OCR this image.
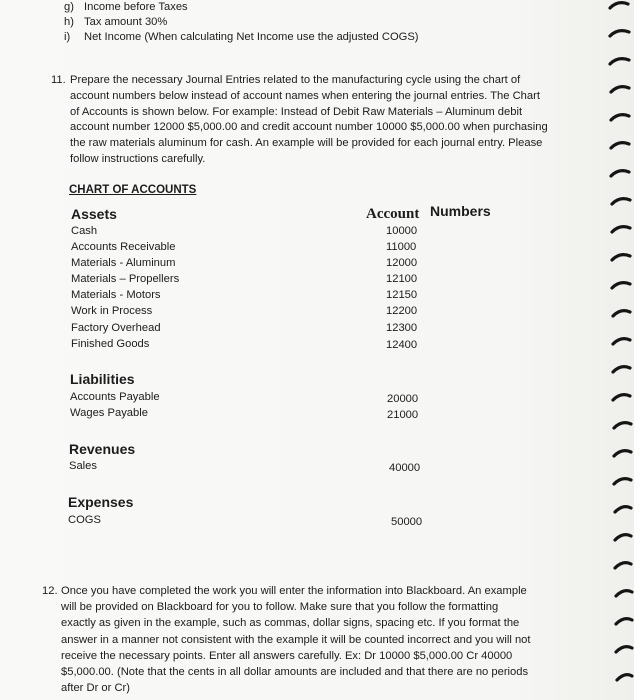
g) Income before Taxes
h) Tax amount 30%
i) Net Income (When calculating Net Income use the adjusted COGS)
11. Prepare the necessary Journal Entries related to the manufacturing cycle using the chart of
account numbers below instead of account names when entering the journal entries. The Chart
of Accounts is shown below. For example: Instead of Debit Raw Materials – Aluminum debit
account number 12000 $5,000.00 and credit account number 10000 $5,000.00 when purchasing
the raw materials aluminum for cash. An example will be provided for each journal entry. Please
follow instructions carefully.
CHART OF ACCOUNTS
Account Numbers
Assets
Cash	10000
Accounts Receivable	11000
Materials - Aluminum	12000
Materials – Propellers	12100
Materials - Motors	12150
Work in Process	12200
Factory Overhead	12300
Finished Goods	12400
Liabilities
Accounts Payable	20000
Wages Payable	21000
Revenues
Sales	40000
Expenses
COGS	50000
12. Once you have completed the work you will enter the information into Blackboard. An example
will be provided on Blackboard for you to follow. Make sure that you follow the formatting
exactly as given in the example, such as commas, dollar signs, spacing etc. If you format the
answer in a manner not consistent with the example it will be counted incorrect and you will not
receive the necessary points. Enter all answers carefully. Ex: Dr 10000 $5,000.00 Cr 40000
$5,000.00. (Note that the cents in all dollar amounts are included and that there are no periods
after Dr or Cr)
